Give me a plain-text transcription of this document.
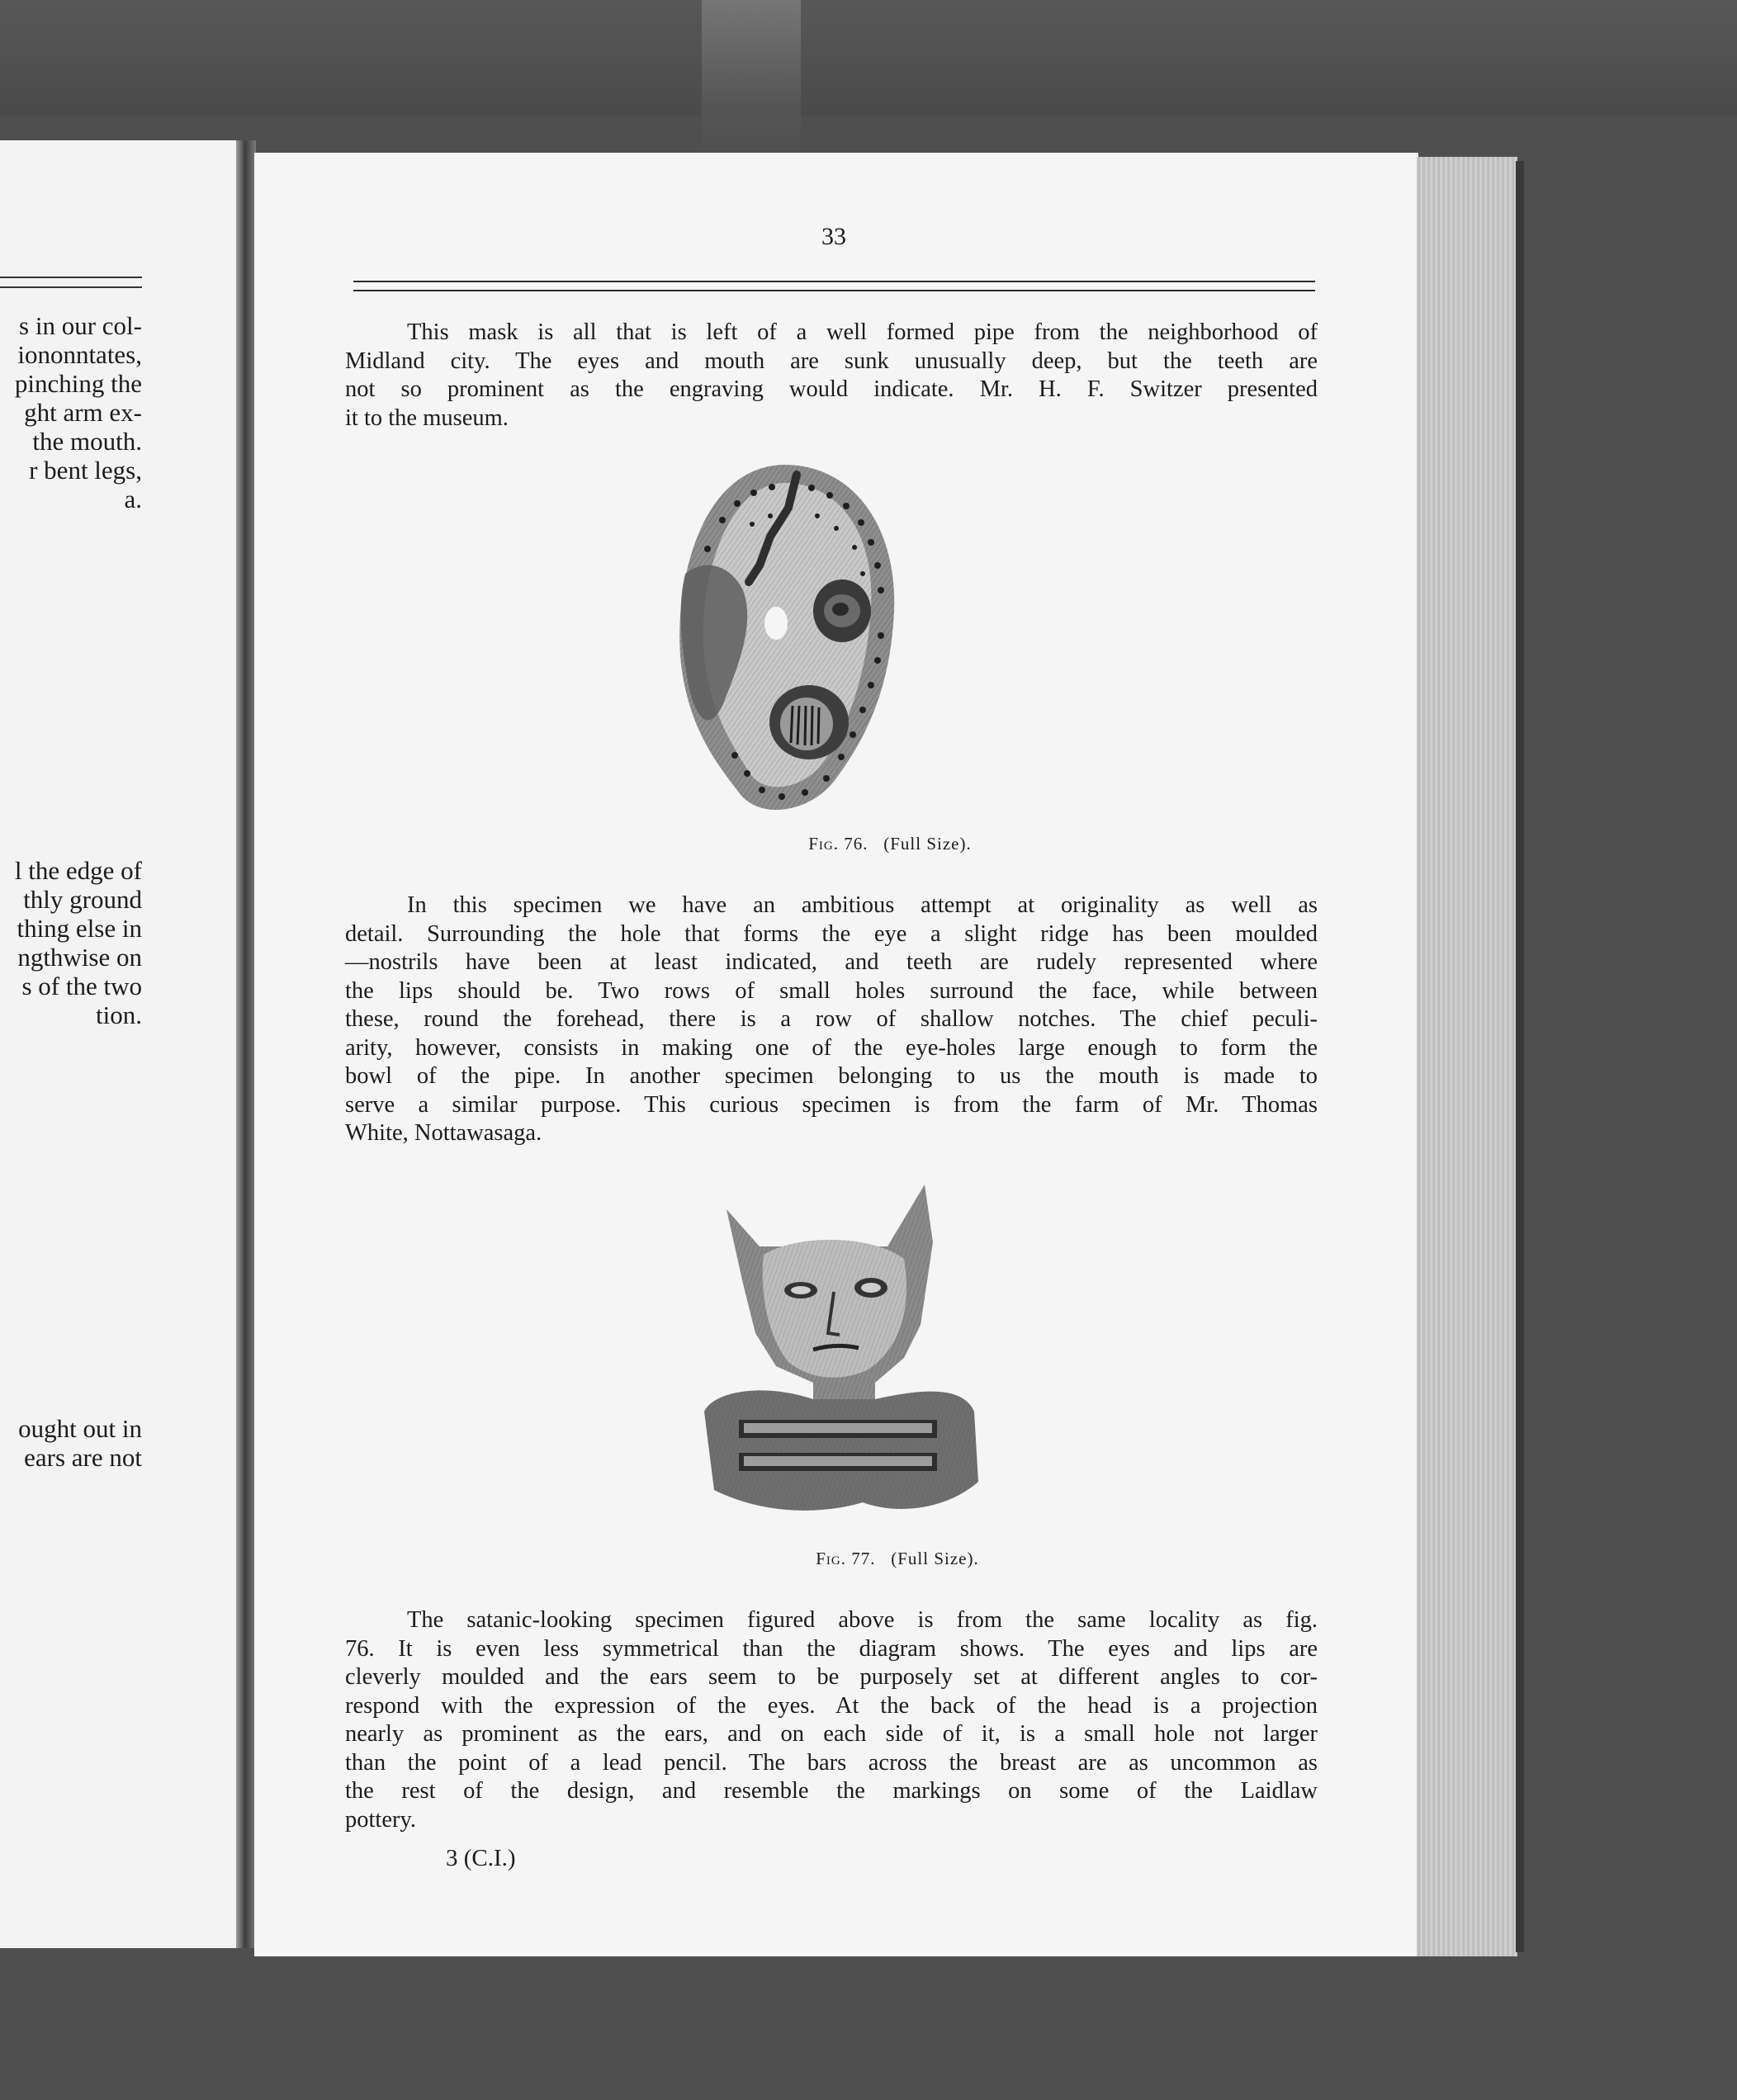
s in our col-
iononntates,
pinching the
ght arm ex-
the mouth.
r bent legs,
a.
l the edge of
thly ground
thing else in
ngthwise on
s of the two
tion.
ought out in
ears are not
33
This mask is all that is left of a well formed pipe from the neighborhood of
Midland city. The eyes and mouth are sunk unusually deep, but the teeth are
not so prominent as the engraving would indicate. Mr. H. F. Switzer presented
it to the museum.
Fig. 76. (Full Size).
In this specimen we have an ambitious attempt at originality as well as
detail. Surrounding the hole that forms the eye a slight ridge has been moulded
—nostrils have been at least indicated, and teeth are rudely represented where
the lips should be. Two rows of small holes surround the face, while between
these, round the forehead, there is a row of shallow notches. The chief peculi-
arity, however, consists in making one of the eye-holes large enough to form the
bowl of the pipe. In another specimen belonging to us the mouth is made to
serve a similar purpose. This curious specimen is from the farm of Mr. Thomas
White, Nottawasaga.
Fig. 77. (Full Size).
The satanic-looking specimen figured above is from the same locality as fig.
76. It is even less symmetrical than the diagram shows. The eyes and lips are
cleverly moulded and the ears seem to be purposely set at different angles to cor-
respond with the expression of the eyes. At the back of the head is a projection
nearly as prominent as the ears, and on each side of it, is a small hole not larger
than the point of a lead pencil. The bars across the breast are as uncommon as
the rest of the design, and resemble the markings on some of the Laidlaw
pottery.
3 (C.I.)
